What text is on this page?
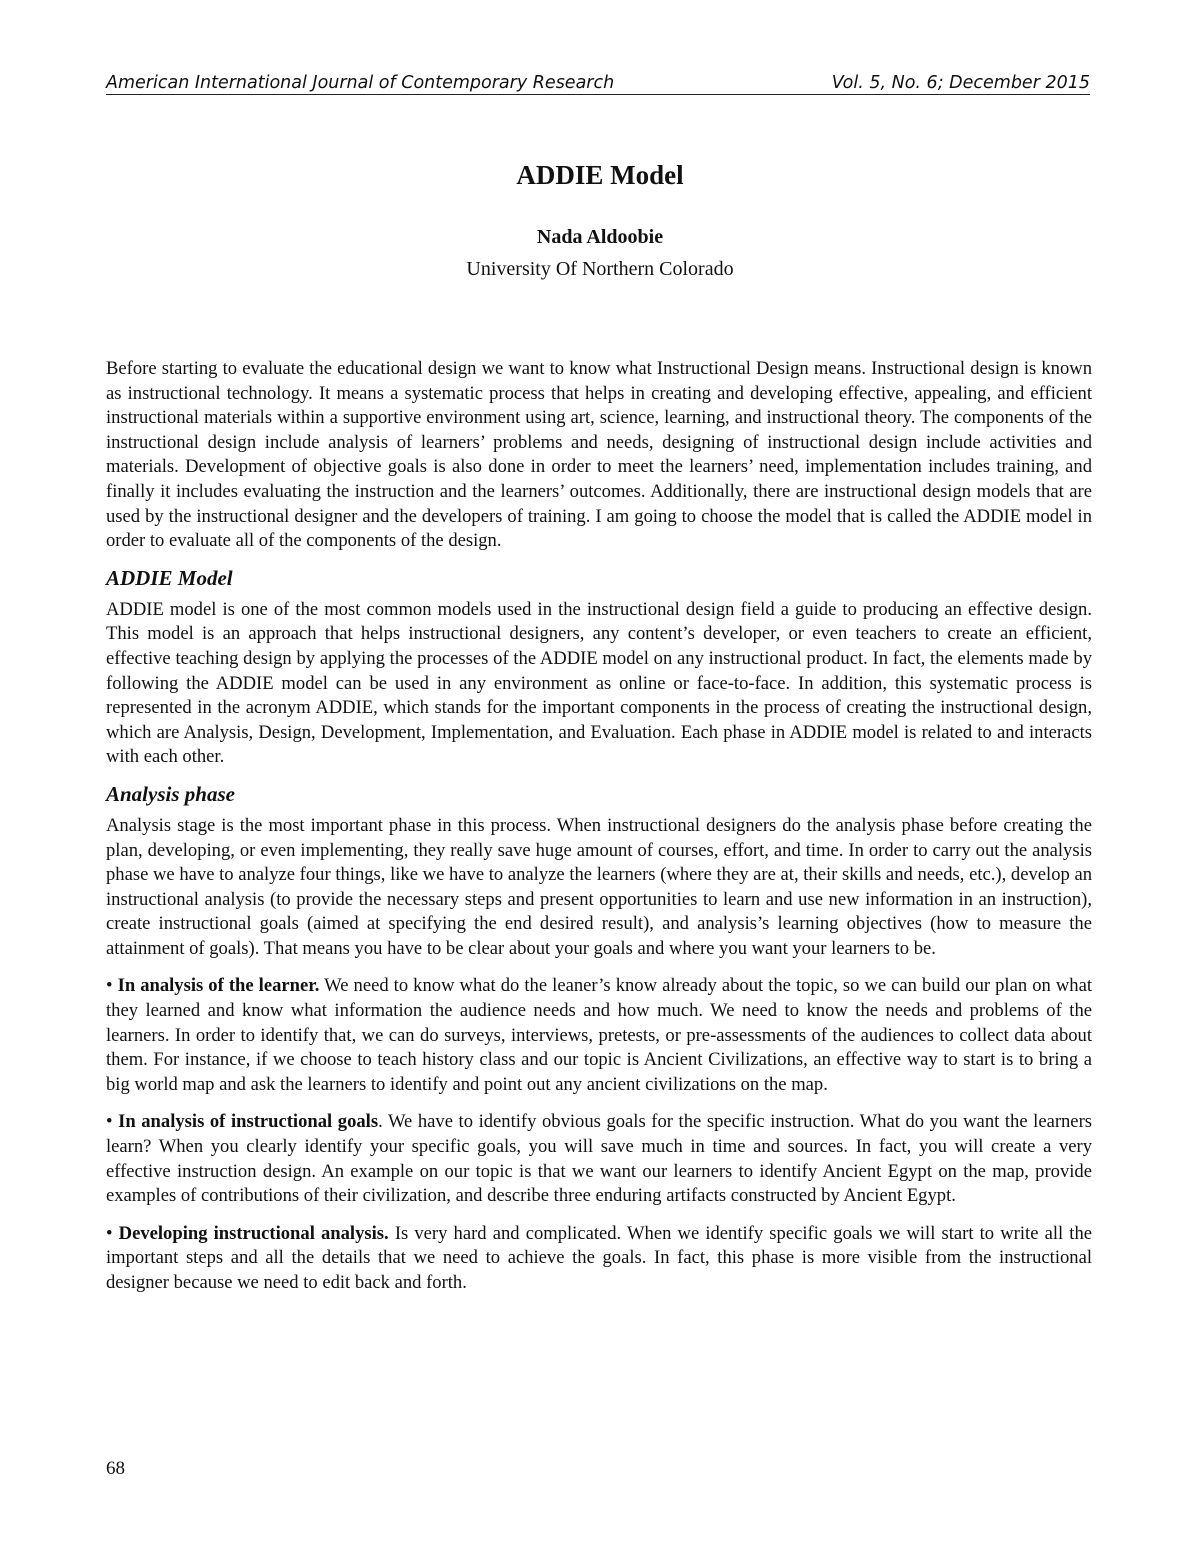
American International Journal of Contemporary Research	Vol. 5, No. 6; December 2015
ADDIE Model
Nada Aldoobie
University Of Northern Colorado

Before starting to evaluate the educational design we want to know what Instructional Design means. Instructional design is known as instructional technology. It means a systematic process that helps in creating and developing effective, appealing, and efficient instructional materials within a supportive environment using art, science, learning, and instructional theory. The components of the instructional design include analysis of learners’ problems and needs, designing of instructional design include activities and materials. Development of objective goals is also done in order to meet the learners’ need, implementation includes training, and finally it includes evaluating the instruction and the learners’ outcomes. Additionally, there are instructional design models that are used by the instructional designer and the developers of training. I am going to choose the model that is called the ADDIE model in order to evaluate all of the components of the design.

ADDIE Model

ADDIE model is one of the most common models used in the instructional design field a guide to producing an effective design. This model is an approach that helps instructional designers, any content’s developer, or even teachers to create an efficient, effective teaching design by applying the processes of the ADDIE model on any instructional product. In fact, the elements made by following the ADDIE model can be used in any environment as online or face-to-face. In addition, this systematic process is represented in the acronym ADDIE, which stands for the important components in the process of creating the instructional design, which are Analysis, Design, Development, Implementation, and Evaluation. Each phase in ADDIE model is related to and interacts with each other.

Analysis phase

Analysis stage is the most important phase in this process. When instructional designers do the analysis phase before creating the plan, developing, or even implementing, they really save huge amount of courses, effort, and time. In order to carry out the analysis phase we have to analyze four things, like we have to analyze the learners (where they are at, their skills and needs, etc.), develop an instructional analysis (to provide the necessary steps and present opportunities to learn and use new information in an instruction), create instructional goals (aimed at specifying the end desired result), and analysis’s learning objectives (how to measure the attainment of goals). That means you have to be clear about your goals and where you want your learners to be.

• In analysis of the learner. We need to know what do the leaner’s know already about the topic, so we can build our plan on what they learned and know what information the audience needs and how much. We need to know the needs and problems of the learners. In order to identify that, we can do surveys, interviews, pretests, or pre-assessments of the audiences to collect data about them. For instance, if we choose to teach history class and our topic is Ancient Civilizations, an effective way to start is to bring a big world map and ask the learners to identify and point out any ancient civilizations on the map.

• In analysis of instructional goals. We have to identify obvious goals for the specific instruction. What do you want the learners learn? When you clearly identify your specific goals, you will save much in time and sources. In fact, you will create a very effective instruction design. An example on our topic is that we want our learners to identify Ancient Egypt on the map, provide examples of contributions of their civilization, and describe three enduring artifacts constructed by Ancient Egypt.

• Developing instructional analysis. Is very hard and complicated. When we identify specific goals we will start to write all the important steps and all the details that we need to achieve the goals. In fact, this phase is more visible from the instructional designer because we need to edit back and forth.

68
